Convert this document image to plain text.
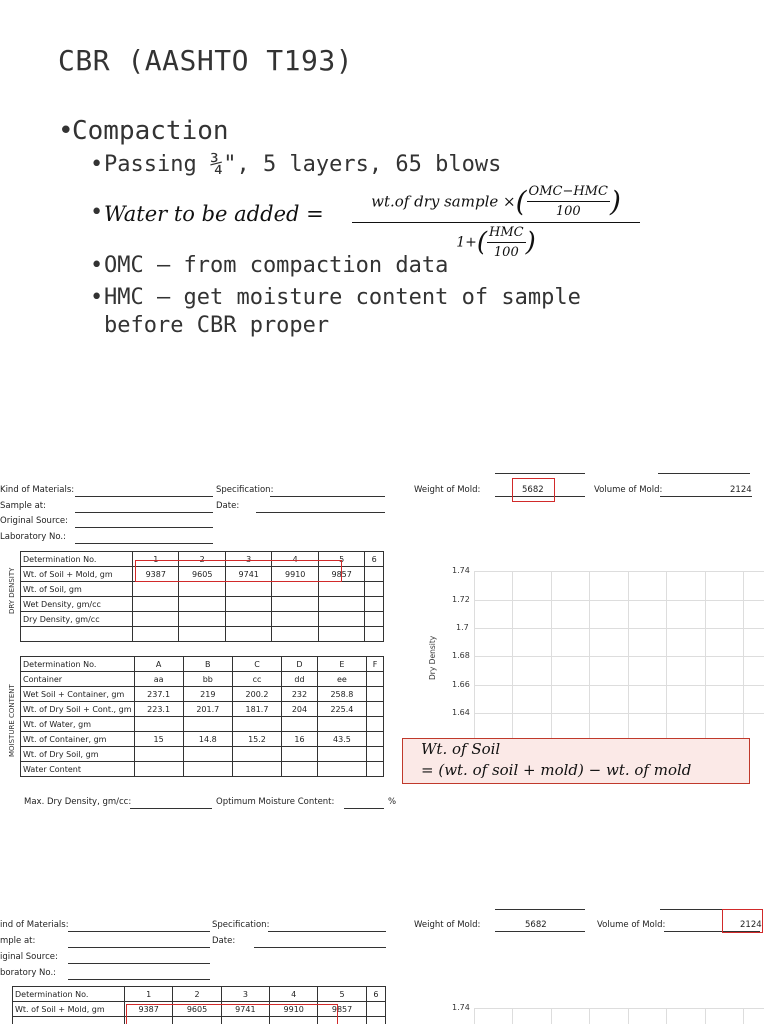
CBR (AASHTO T193)
•Compaction
•Passing ¾", 5 layers, 65 blows
• Water to be added =
wt.of dry sample ×( $\frac{\text{OMC−HMC}}{100}$ )
$1+( \frac{\text{HMC}}{100}$ )
•OMC – from compaction data
•HMC – get moisture content of sample
before CBR proper
Kind of Materials:	Specification:
Sample at:	Date:
Original Source:
Laboratory No.:
Weight of Mold:	5682	Volume of Mold:	2124
DRY DENSITY
MOISTURE CONTENT
Determination No.	1	2	3	4	5	6
Wt. of Soil + Mold, gm	9387	9605	9741	9910	9857	
Wt. of Soil, gm						
Wet Density, gm/cc						
Dry Density, gm/cc						

Determination No.	A	B	C	D	E	F
Container	aa	bb	cc	dd	ee	
Wet Soil + Container, gm	237.1	219	200.2	232	258.8	
Wt. of Dry Soil + Cont., gm	223.1	201.7	181.7	204	225.4	
Wt. of Water, gm						
Wt. of Container, gm	15	14.8	15.2	16	43.5	
Wt. of Dry Soil, gm						
Water Content						
Max. Dry Density, gm/cc:	Optimum Moisture Content:	%
Dry Density
1.74
1.72
1.7
1.68
1.66
1.64
Wt. of Soil
= (wt. of soil + mold) − wt. of mold
ind of Materials:	Specification:
mple at:	Date:
iginal Source:
boratory No.:
Weight of Mold:	5682	Volume of Mold:	2124
Determination No.	1	2	3	4	5	6
Wt. of Soil + Mold, gm	9387	9605	9741	9910	9857	
							1.74
